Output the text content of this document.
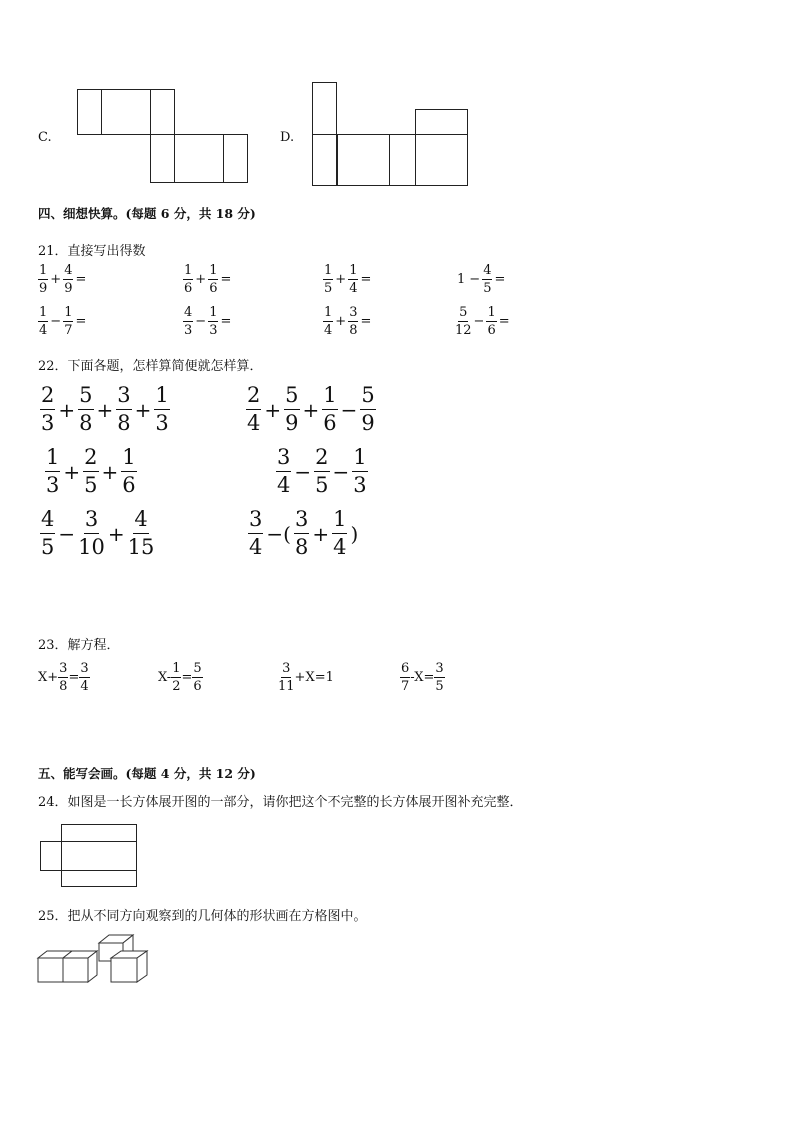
C.	D.
四、细想快算。(每题 6 分，共 18 分)
21．直接写出得数
$\frac{1}{9} + \frac{4}{9}$ =	$\frac{1}{6} + \frac{1}{6}$ =	$\frac{1}{5} + \frac{1}{4}$ =	$1 - \frac{4}{5}$ =
$\frac{1}{4} - \frac{1}{7}$ =	$\frac{4}{3} - \frac{1}{3}$ =	$\frac{1}{4} + \frac{3}{8}$ =	$\frac{5}{12} - \frac{1}{6}$ =
22．下面各题，怎样算简便就怎样算．
$\frac{2}{3} + \frac{5}{8} + \frac{3}{8} + \frac{1}{3}$	$\frac{2}{4} + \frac{5}{9} + \frac{1}{6} - \frac{5}{9}$
$\frac{1}{3} + \frac{2}{5} + \frac{1}{6}$	$\frac{3}{4} - \frac{2}{5} - \frac{1}{3}$
$\frac{4}{5} - \frac{3}{10} + \frac{4}{15}$	$\frac{3}{4}$ −( $\frac{3}{8} + \frac{1}{4}$ )
23．解方程．
$X+ \frac{3}{8} = \frac{3}{4}$	$X- \frac{1}{2} = \frac{5}{6}$	$\frac{3}{11} +X=1$	$\frac{6}{7} -X= \frac{3}{5}$
五、能写会画。(每题 4 分，共 12 分)
24．如图是一长方体展开图的一部分，请你把这个不完整的长方体展开图补充完整．
25．把从不同方向观察到的几何体的形状画在方格图中。
